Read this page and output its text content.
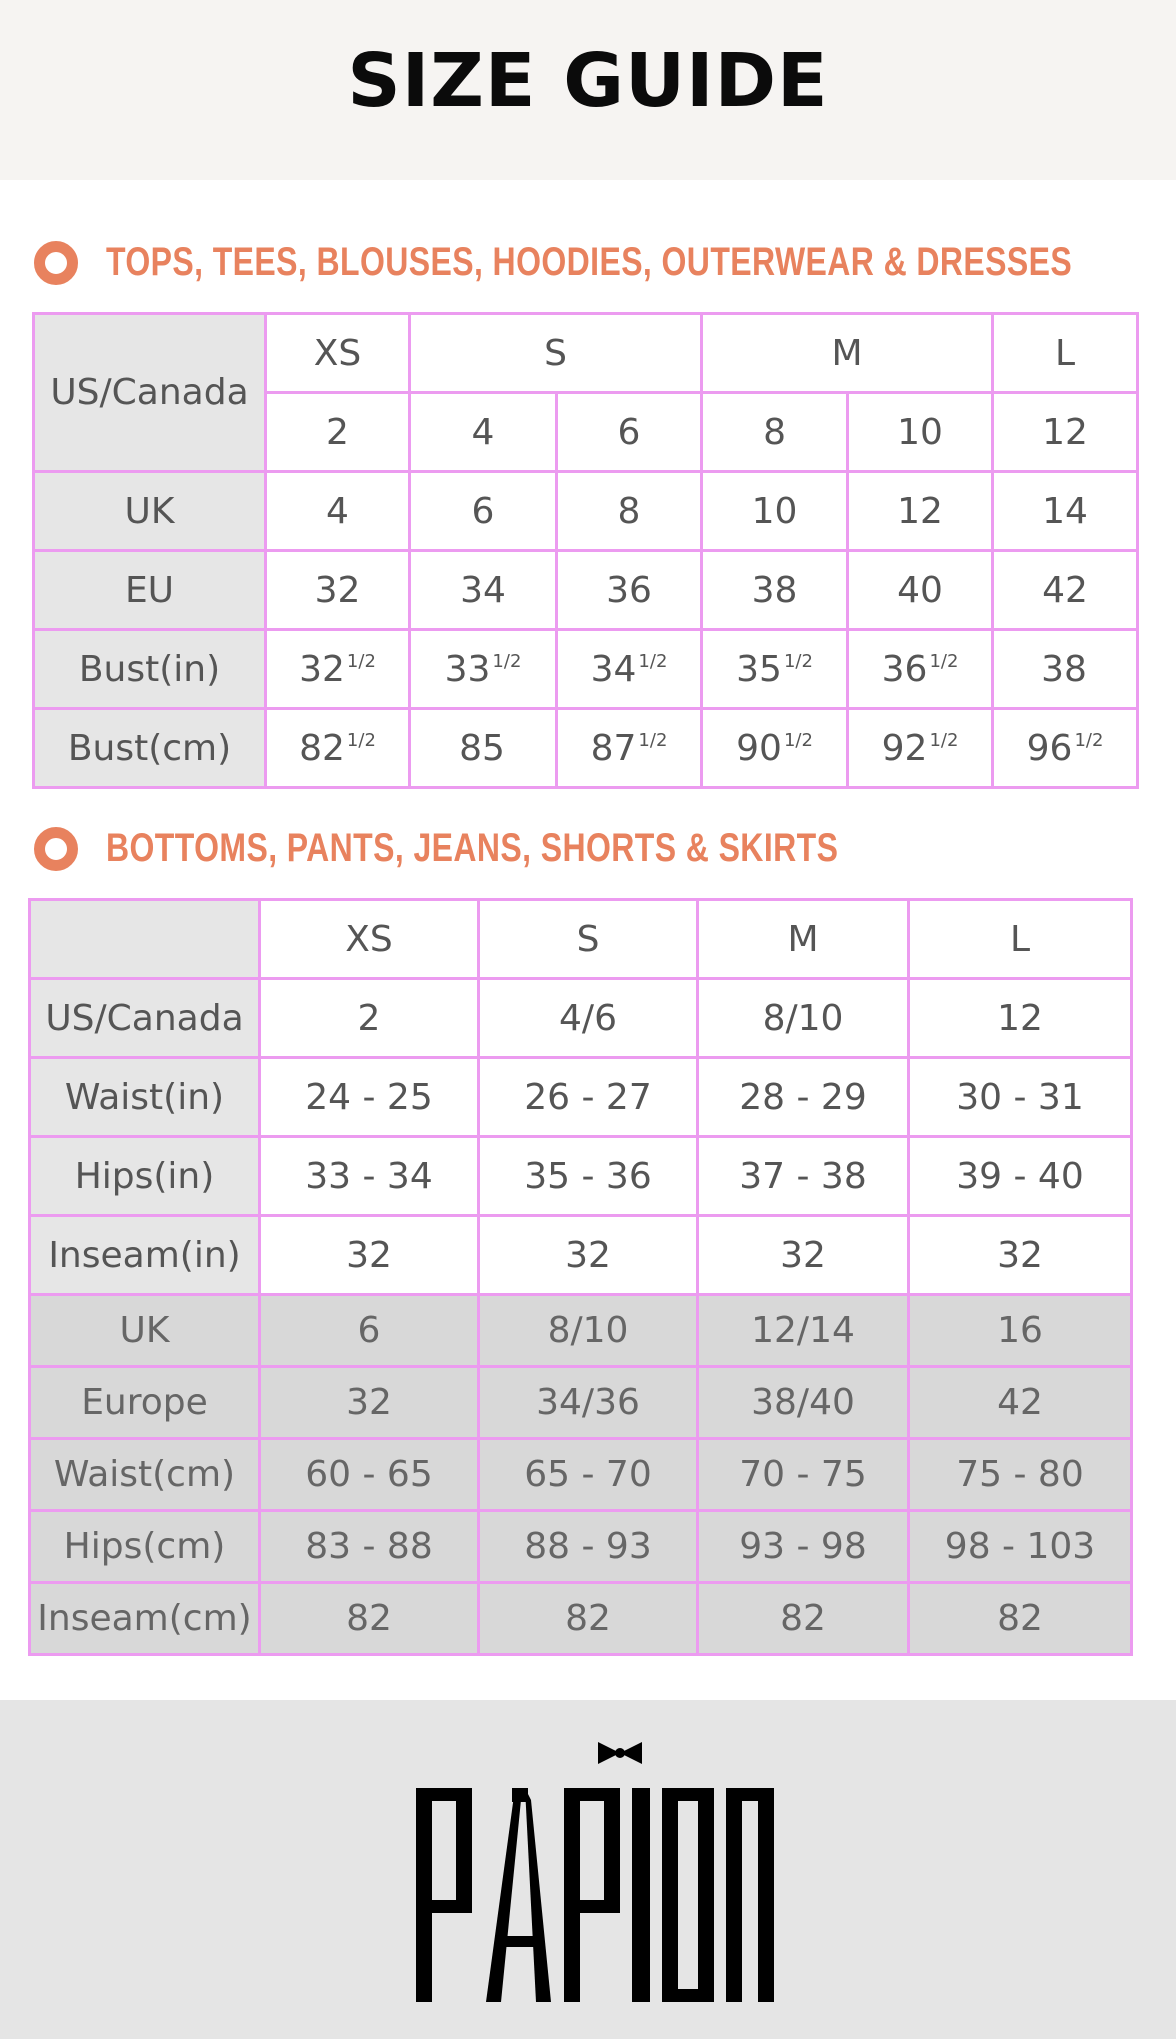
SIZE GUIDE
TOPS, TEES, BLOUSES, HOODIES, OUTERWEAR & DRESSES
US/Canada	XS	S		M		L
	2	4	6	8	10	12
UK	4	6	8	10	12	14
EU	32	34	36	38	40	42
Bust(in)	32 $^{1/2}$	33 $^{1/2}$	34 $^{1/2}$	35 $^{1/2}$	36 $^{1/2}$	38
Bust(cm)	82 $^{1/2}$	85	87 $^{1/2}$	90 $^{1/2}$	92 $^{1/2}$	96 $^{1/2}$
BOTTOMS, PANTS, JEANS, SHORTS & SKIRTS
	XS	S	M	L
US/Canada	2	4/6	8/10	12
Waist(in)	24 - 25	26 - 27	28 - 29	30 - 31
Hips(in)	33 - 34	35 - 36	37 - 38	39 - 40
Inseam(in)	32	32	32	32
UK	6	8/10	12/14	16
Europe	32	34/36	38/40	42
Waist(cm)	60 - 65	65 - 70	70 - 75	75 - 80
Hips(cm)	83 - 88	88 - 93	93 - 98	98 - 103
Inseam(cm)	82	82	82	82
